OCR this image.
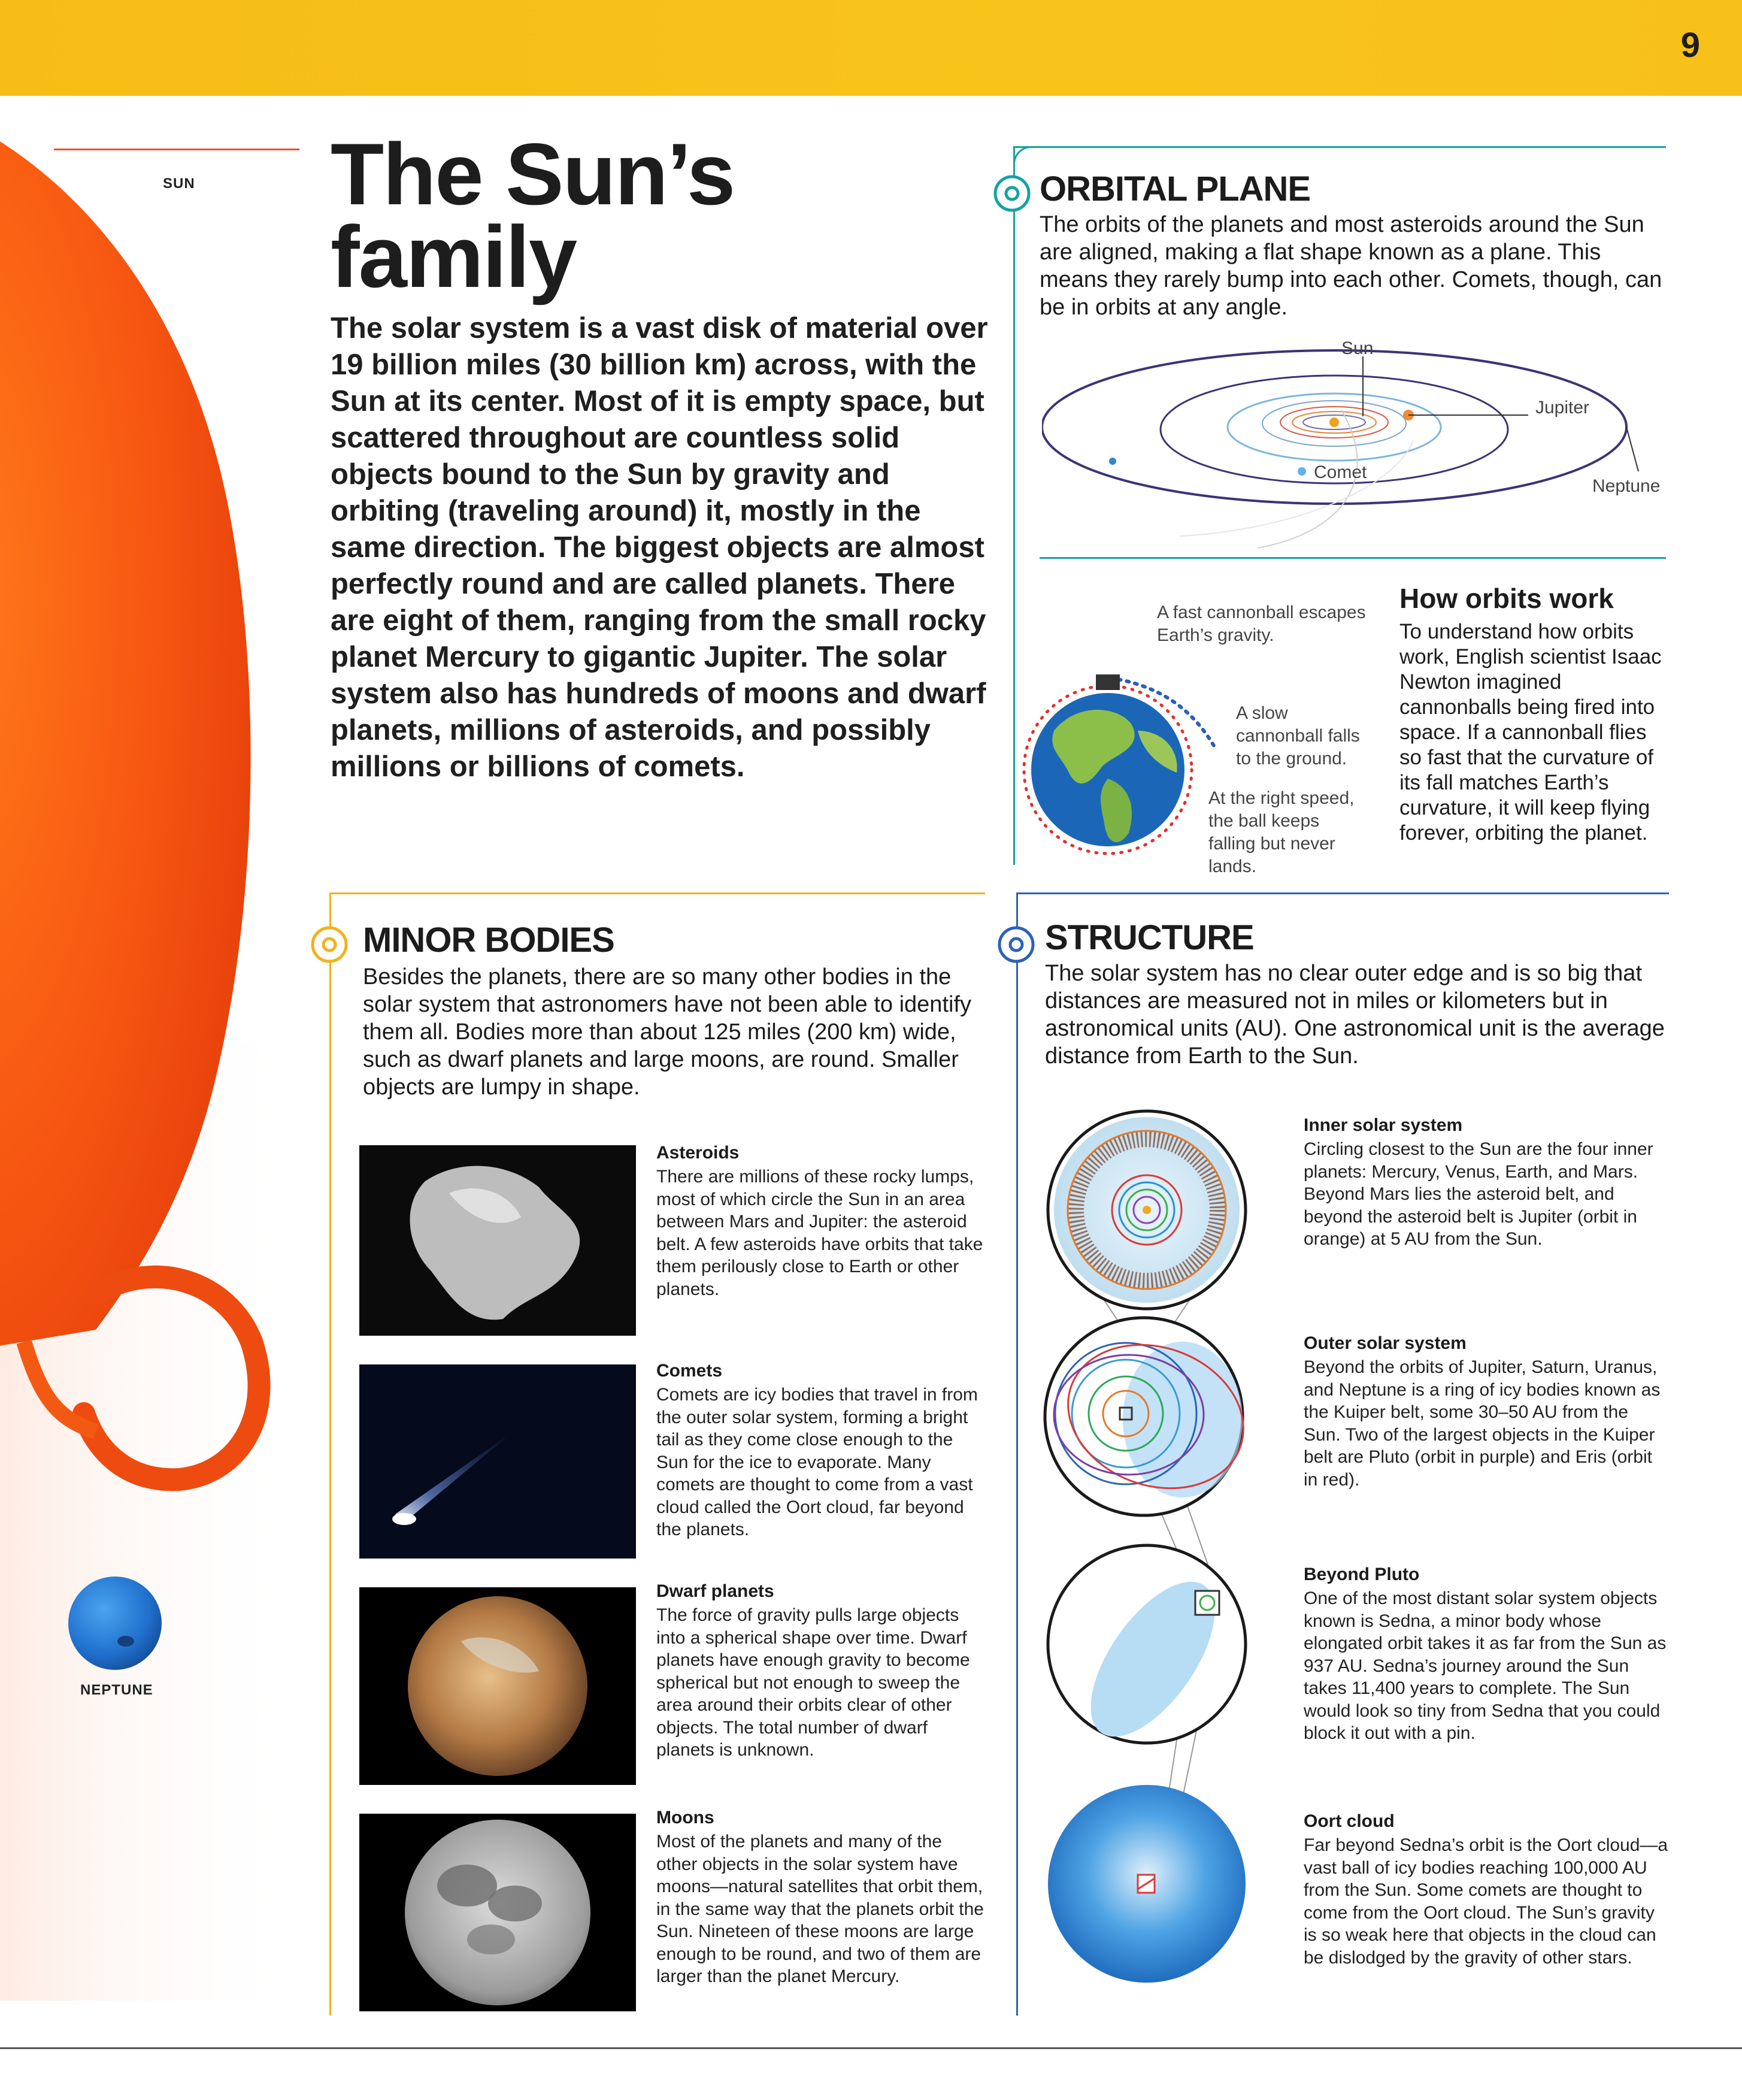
9
SUN
NEPTUNE
The Sun’s family
The solar system is a vast disk of material over 19 billion miles (30 billion km) across, with the Sun at its center. Most of it is empty space, but scattered throughout are countless solid objects bound to the Sun by gravity and orbiting (traveling around) it, mostly in the same direction. The biggest objects are almost perfectly round and are called planets. There are eight of them, ranging from the small rocky planet Mercury to gigantic Jupiter. The solar system also has hundreds of moons and dwarf planets, millions of asteroids, and possibly millions or billions of comets.
ORBITAL PLANE
The orbits of the planets and most asteroids around the Sun are aligned, making a flat shape known as a plane. This means they rarely bump into each other. Comets, though, can be in orbits at any angle.
Sun
Jupiter
Comet
Neptune
A fast cannonball escapes Earth’s gravity.
A slow cannonball falls to the ground.
At the right speed, the ball keeps falling but never lands.
How orbits work
To understand how orbits work, English scientist Isaac Newton imagined cannonballs being fired into space. If a cannonball flies so fast that the curvature of its fall matches Earth’s curvature, it will keep flying forever, orbiting the planet.
MINOR BODIES
Besides the planets, there are so many other bodies in the solar system that astronomers have not been able to identify them all. Bodies more than about 125 miles (200 km) wide, such as dwarf planets and large moons, are round. Smaller objects are lumpy in shape.
Asteroids
There are millions of these rocky lumps, most of which circle the Sun in an area between Mars and Jupiter: the asteroid belt. A few asteroids have orbits that take them perilously close to Earth or other planets.
Comets
Comets are icy bodies that travel in from the outer solar system, forming a bright tail as they come close enough to the Sun for the ice to evaporate. Many comets are thought to come from a vast cloud called the Oort cloud, far beyond the planets.
Dwarf planets
The force of gravity pulls large objects into a spherical shape over time. Dwarf planets have enough gravity to become spherical but not enough to sweep the area around their orbits clear of other objects. The total number of dwarf planets is unknown.
Moons
Most of the planets and many of the other objects in the solar system have moons—natural satellites that orbit them, in the same way that the planets orbit the Sun. Nineteen of these moons are large enough to be round, and two of them are larger than the planet Mercury.
STRUCTURE
The solar system has no clear outer edge and is so big that distances are measured not in miles or kilometers but in astronomical units (AU). One astronomical unit is the average distance from Earth to the Sun.
Inner solar system
Circling closest to the Sun are the four inner planets: Mercury, Venus, Earth, and Mars. Beyond Mars lies the asteroid belt, and beyond the asteroid belt is Jupiter (orbit in orange) at 5 AU from the Sun.
Outer solar system
Beyond the orbits of Jupiter, Saturn, Uranus, and Neptune is a ring of icy bodies known as the Kuiper belt, some 30–50 AU from the Sun. Two of the largest objects in the Kuiper belt are Pluto (orbit in purple) and Eris (orbit in red).
Beyond Pluto
One of the most distant solar system objects known is Sedna, a minor body whose elongated orbit takes it as far from the Sun as 937 AU. Sedna’s journey around the Sun takes 11,400 years to complete. The Sun would look so tiny from Sedna that you could block it out with a pin.
Oort cloud
Far beyond Sedna’s orbit is the Oort cloud—a vast ball of icy bodies reaching 100,000 AU from the Sun. Some comets are thought to come from the Oort cloud. The Sun’s gravity is so weak here that objects in the cloud can be dislodged by the gravity of other stars.
